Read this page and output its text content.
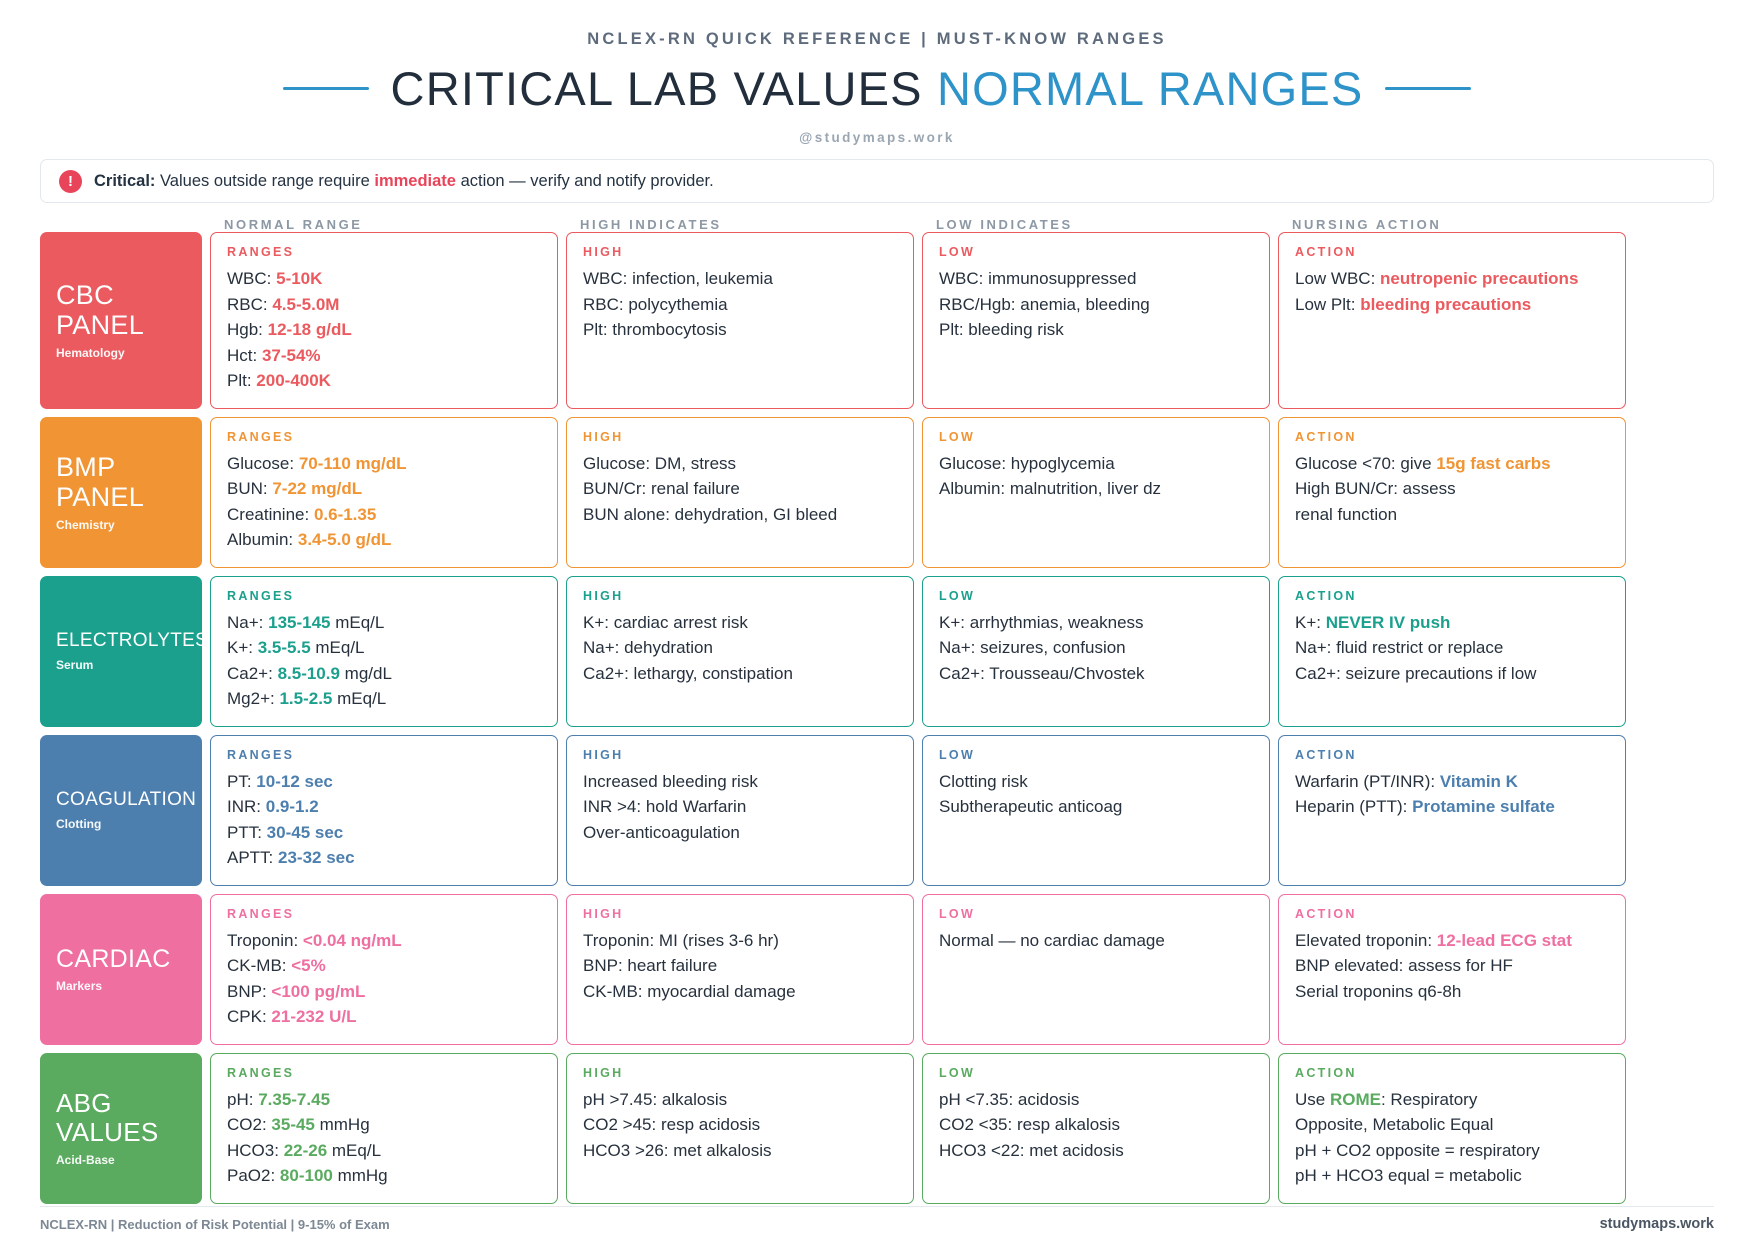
NCLEX-RN QUICK REFERENCE | MUST-KNOW RANGES
CRITICAL LAB VALUES NORMAL RANGES
@studymaps.work
!	Critical: Values outside range require immediate action — verify and notify provider.
NORMAL RANGE	HIGH INDICATES	LOW INDICATES	NURSING ACTION
CBC PANEL
Hematology
RANGES
WBC: 5-10K
RBC: 4.5-5.0M
Hgb: 12-18 g/dL
Hct: 37-54%
Plt: 200-400K
HIGH
WBC: infection, leukemia
RBC: polycythemia
Plt: thrombocytosis
LOW
WBC: immunosuppressed
RBC/Hgb: anemia, bleeding
Plt: bleeding risk
ACTION
Low WBC: neutropenic precautions
Low Plt: bleeding precautions
BMP PANEL
Chemistry
RANGES
Glucose: 70-110 mg/dL
BUN: 7-22 mg/dL
Creatinine: 0.6-1.35
Albumin: 3.4-5.0 g/dL
HIGH
Glucose: DM, stress
BUN/Cr: renal failure
BUN alone: dehydration, GI bleed
LOW
Glucose: hypoglycemia
Albumin: malnutrition, liver dz
ACTION
Glucose <70: give 15g fast carbs
High BUN/Cr: assess
renal function
ELECTROLYTES
Serum
RANGES
Na+: 135-145 mEq/L
K+: 3.5-5.5 mEq/L
Ca2+: 8.5-10.9 mg/dL
Mg2+: 1.5-2.5 mEq/L
HIGH
K+: cardiac arrest risk
Na+: dehydration
Ca2+: lethargy, constipation
LOW
K+: arrhythmias, weakness
Na+: seizures, confusion
Ca2+: Trousseau/Chvostek
ACTION
K+: NEVER IV push
Na+: fluid restrict or replace
Ca2+: seizure precautions if low
COAGULATION
Clotting
RANGES
PT: 10-12 sec
INR: 0.9-1.2
PTT: 30-45 sec
APTT: 23-32 sec
HIGH
Increased bleeding risk
INR >4: hold Warfarin
Over-anticoagulation
LOW
Clotting risk
Subtherapeutic anticoag
ACTION
Warfarin (PT/INR): Vitamin K
Heparin (PTT): Protamine sulfate
CARDIAC
Markers
RANGES
Troponin: <0.04 ng/mL
CK-MB: <5%
BNP: <100 pg/mL
CPK: 21-232 U/L
HIGH
Troponin: MI (rises 3-6 hr)
BNP: heart failure
CK-MB: myocardial damage
LOW
Normal — no cardiac damage
ACTION
Elevated troponin: 12-lead ECG stat
BNP elevated: assess for HF
Serial troponins q6-8h
ABG VALUES
Acid-Base
RANGES
pH: 7.35-7.45
CO2: 35-45 mmHg
HCO3: 22-26 mEq/L
PaO2: 80-100 mmHg
HIGH
pH >7.45: alkalosis
CO2 >45: resp acidosis
HCO3 >26: met alkalosis
LOW
pH <7.35: acidosis
CO2 <35: resp alkalosis
HCO3 <22: met acidosis
ACTION
Use ROME: Respiratory
Opposite, Metabolic Equal
pH + CO2 opposite = respiratory
pH + HCO3 equal = metabolic
NCLEX-RN | Reduction of Risk Potential | 9-15% of Exam	studymaps.work
